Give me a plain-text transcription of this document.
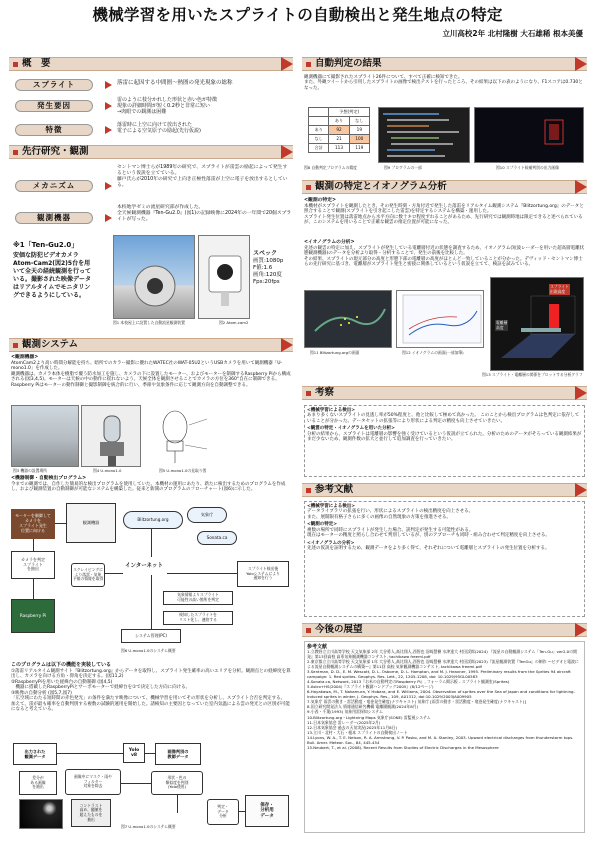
機械学習を用いたスプライトの自動検出と発生地点の特定
立川高校2年 北村隆樹 大石雄稀 根本美優
概　要
スプライト	落雷に起因する中間圏〜熱圏の発光現象の総称
発生要因
雷のように枝分かれした形状と赤い色が特徴
現象の詳細時間が短く0.2秒と非常に短い
→肉眼での観測は困難
特徴
落雷時に上空に向けて放出された
電子による空気原子の励起(先行仮説)
先行研究・観測
メカニズム
セントマン博士らが1989年の研究で、スプライトが雷雲の励起によって発生するという仮説を立てている。
藤戸氏らが2010年の研究で上向き正極性落雷が上空に電子を放出するとしている。
観測機器
本校地学ゼミの流星研究部が作成した。
全天候観測機器『Ten-Gu2.0』(図1)の記録映像に2024年の一年間で20個スプライトが写った。
※1「Ten-Gu2.0」
安価な防犯ビデオカメラAtom-Cam2(図2)5台を用いて全天の経続観測を行っている。撮影された映像データはリアルタイムでモニタリングできるようにしている。
スペック
画質:1080p
F値:1.6
画角:120度
Fps:20fps
図1 本校屋上に設置した自動流星観測装置	図2 Atom-cam2
観測システム
<観測機器>
AtomCam2より高い時間分解能を持ち、暗所でのカラー撮影に優れたWATEC社のWAT-05U2というUSBカメラを用いて観測機器「U-mono1.0」を作成した。
観測機器は、カメラ本体を樹脂で覆う防水加工を施し、カメラの下に設置したモーター、およびモーターを制御するRaspberry Piから構成される(図3,4,5)。モーターは天候の中の動作に揺れないよう、天候全体を観測させることでカメラの方位を360°自在に制御できる。Raspberry Piはモーターの動作制御と撮影制御を統合的に行い、季節や気象条件に応じて観測方向を自動調整できる。
図3 機器の設置場所	図4 U-mono1.0	図5 U-mono1.0の見取り図
<機器制御・自動検出プログラム>
今までの観測では、自作した簡易的な検出プログラムを使用していた。本機材の運用にあたり、新たに検出するためのプログラムを作成し、および観測装置の自動制御が可能なシステムを構築した。従来と新開のプログラムのフローチャート(図6)に示した。
モーターを制御して
カメラを
スプライト発生
位置に向ける
観測機器
カメラを判定
スプライト
を抽出
Raspberry Pi
スクレイピングに
より落雷・気象
予報の情報を取得
インターネット
Blitzortung.org
気象庁
Sonata.ca
スプライト検出後
Yoloシステムにより
通知を行う
気象情報よりスプライト
可能性の高い箇所を判定
検知したスプライトを
リスト化し、連絡する
システム管理(PC)
図6 U-mono1.0のシステム概要
このプログラムは以下の機能を実装している
①落雷リアルタイム観測サイト『Blitzortung.org』からデータを取得し、スプライト発生確率の高いエリアを分析。観測点との経緯度を算出し、カメラを向ける方角・仰角を決定する。(図11,2)
②RaspberryPiを用いた経緯台の自動制御 (図4,5)
　機器に搭載したRaspberryPiとサーボモーターで経緯台を①で決定した方向に向ける。
③映像の自動分析 (図5,7,図7)
「広空域にわたる短時間の赤色発光」の条件を満たす映像について、機械学習を用いてその形状を分析し、スプライト合否を判定する。
加えて、雷が最も確率を自動判別する複数の試験的運用を開始した。諸検知の主要因となっていた室内気温による雲の発光との区別が可能になると考えている。
出力された
観測データ
差分が
ある画像
を抽出
画像中にマスク・雨や
フィルター
対象を除去
Yolo
v8
画像判別の
教師データ
形状・色の
類似度を判別
(Yolo使用)
コントラスト
高め、閾値を
超えたものを
抽出
判定・
データ
分析
保存・
分析用
データ
図7 U-mono1.0のシステム概要
自動判定の結果
観測機器にて撮影されたスプライト26件について、すべて正確に検知できた。
また、外観ツイートから引用したスプライトの画像で検出テストを行ったところ、その結果は以下の表のようになり、F1スコアは0.730となった。
	予想(判定)	
	あり	なし
あり	92	19
なし	21	100
合計	113	119
図8 自動判定プログラムの精度	図9 プログラムの一部	図10 スプライト候補判別の出力画像
観測の特定とイオノグラム分析
<観測の特定>
本機材がスプライトを観測したとき、その発生時刻・方角付近で発生した落雷をリアルタイム観測システム『Blitzortung.org』のデータと照合することで観測(スプライトを引き起こした雷雲)を特定するシステムを構築・運用した。
スプライト発生位置は落雷地点から水平方向に数十キロ程度ずれることがあるため、先行研究では観測時地は限定できると述べられているが、このシステムを用いることで正確な観雲の推定位置が可能になった。
<イオノグラムの分析>
先述の観雲の特定に加え、スプライトが発生している電離層付近の状態を調査するため、イオノグラム(短波レーダーを用いた超高層電離状態観測機器)のデータを分析より取得・分析することで、発生の前後を比較した。
その結果、スプライトの現元部分の高度と形態下部の電離層の高度がほとんど一致していることが分かった。デヴィッド・セントマン博士らの先行研究に基づき、電離層がスプライト発生と密接に関係しているという仮説を立てて、検証を試みている。
スプライト
出現高度
電離層
高度
図11 Blitzortung.orgの画面	図12 イオノグラムの画面(一部加筆)
図13 スプライト・電離層の関係をプロットする分析グラフ
考察
<機械学習による検出>
あまり多くないスプライトの見逃し率が50%程度と、他と比較して極めて高かった。 このことから検出プログラムは色判定に依存していることが分かった。データセットの拡張等により形状による判定の精度も向上させていきたい。
<観雲の特定・イオノグラムを用いた分析>
分析の結果から、スプライトは電離層の影響を強く受けているという仮説が立てられた。分析のためのデータがそろっている観測結果がまだ少ないため、観測件数の拡大と並行して追加調査を行っていきたい。
参考文献
<機械学習による検出>
データライブラリの拡張を行い、形状によるスプライトの検出精度を向上させる。
また、展開限有格子さらに多くの画像の自然現象の方策を推進させる。
<観測の特定>
複数の場所で同時にスプライトが発生した場合、誤判定が発生する可能性がある。
現在はモーターの精度と照らし合わせて判別しているが、別のアプローチも同時・組み合わせて判定精度を向上させる。
<イオノグラムの分析>
先述の仮説を証明するため、観測データをより多く得て、それぞれについて電離層とスプライトの発生位置を分析する。
今後の展望
参考文献

1.立教野立立川高等学校 天文気象部 2年 大谷勇人,髙比翔人,西智也 沼崎慧樹 水津達大 村田渓郎(2024) 『流星の自動観測システム「Ten-Gu」ver2.0の開発』第13回高校 高専気象観測機器コンテスト, tachikawa freeml.pdf

2.東京都立立川高等学校 天文気象部 1年 大谷勇人,髙比翔人,西智也 沼崎慧樹 水津達大 村田渓郎(2023)『流星観測装置『TenGu』の制作 ～ビデオと電波による流星自動観測システムの構築～』第11回 高校 気象観測機器コンテスト, tachikawa freeml.pdf

3.Sentman, D. D., E. M. Wescott, D. L. Osborne, D. L. Hampton, and M. J. Heavner, 1995. Preliminary results from the Sprites 94 aircraft campaign: 1. Red sprites. Geophys. Res. Lett., 22, 1205-1208, doi: 10.1029/95GL00583

4.Sonata.ca, Network, 2013『お米の自動判定のRaspberry Pi』, フォーラム掲示板 - スプライト観測室(Sprites)

5.Astro+HS(2004)『スプライト観測ハンドブック2005』(8/12ページ)

6.Hayakawa, M., T. Nakamura, Y. Hobara, and E. Williams, 2004. Observation of sprites over the Sea of Japan and conditions for lightning-induced sprites in winter. J. Geophys. Res., 109, A01312, doi:10.1029/2003JA009905

7.気象庁 雨雲の動き・雷活動度・竜巻発生確度(ナウキャスト) 気象庁 [雨雲の動き・雷活動度・竜巻発生確度(ナウキャスト)]

8.国立研究開発法人 情報通信研究機構 電離圏観測(2024年8月)

9.小西・千葉(1993) 気象用雷探知システム

10.Blitzortung.org・Lightning Maps 気象庁(SONE) 雷監視システム

11.日本気象協会 雷レーダー(2025年2月)

12.日本気象協会 過去の天気実況(2025年11月8日)

13.立川・北村・大石・根本 スプライトの自動検出ノート

14.Lyons, W. A., T. E. Nelson, R. A. Armstrong, V. P. Pasko, and M. A. Stanley, 2003. Upward electrical discharges from thunderstorm tops. Bull. Amer. Meteor. Soc., 84, 445-454

15.Neubert, T., et al. (2008). Recent Results from Studies of Electric Discharges in the Mesosphere
